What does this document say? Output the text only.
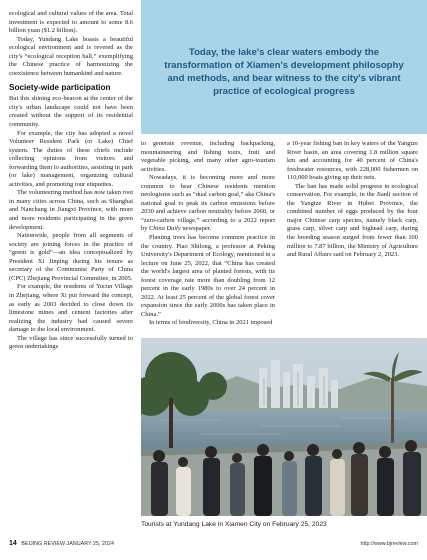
ecological and cultural values of the area. Total investment is expected to amount to some 8.6 billion yuan ($1.2 billion).

Today, Yundang Lake boasts a beautiful ecological environment and is revered as the city's “ecological reception hall,” exemplifying the Chinese practice of harmonizing the coexistence between humankind and nature.

Society-wide participation

But this shining eco-beacon at the center of the city's urban landscape could not have been created without the support of its residential community.

For example, the city has adopted a novel Volunteer Resident Park (or Lake) Chief system. The duties of these chiefs include collecting opinions from visitors and forwarding them to authorities, assisting in park (or lake) management, organizing cultural activities, and promoting tour etiquettes.

The volunteering method has now taken root in many cities across China, such as Shanghai and Nanchang in Jiangxi Province, with more and more residents participating in the green development.

Nationwide, people from all segments of society are joining forces in the practice of “green is gold”—an idea conceptualized by President Xi Jinping during his tenure as secretary of the Communist Party of China (CPC) Zhejiang Provincial Committee, in 2005.

For example, the residents of Yucun Village in Zhejiang, where Xi put forward the concept, as early as 2003 decided to close down its limestone mines and cement factories after realizing the industry had caused severe damage to the local environment.

The village has since successfully turned to green undertakings

Today, the lake's clear waters embody the transformation of Xiamen's development philosophy and methods, and bear witness to the city's vibrant practice of ecological progress

to generate revenue, including backpacking, mountaineering and fishing tours, fruit and vegetable picking, and many other agro-tourism activities.

Nowadays, it is becoming more and more common to hear Chinese residents mention neologisms such as “dual carbon goal,” aka China's national goal to peak its carbon emissions before 2030 and achieve carbon neutrality before 2060, or “zero-carbon village,” according to a 2022 report by China Daily newspaper.

Planting trees has become common practice in the country. Piao Shilong, a professor at Peking University's Department of Ecology, mentioned in a lecture on June 25, 2022, that “China has created the world's largest area of planted forests, with its forest coverage rate more than doubling from 12 percent in the early 1980s to over 24 percent in 2022. At least 25 percent of the global forest cover expansion since the early 2000s has taken place in China.”

In terms of biodiversity, China in 2021 imposed

a 10-year fishing ban in key waters of the Yangtze River basin, an area covering 1.8 million square km and accounting for 40 percent of China's freshwater resources, with 228,000 fishermen on 110,000 boats giving up their nets.

The ban has made solid progress in ecological conservation. For example, in the Jianli section of the Yangtze River in Hubei Province, the combined number of eggs produced by the four major Chinese carp species, namely black carp, grass carp, silver carp and bighead carp, during the breeding season surged from fewer than 100 million to 7.87 billion, the Ministry of Agriculture and Rural Affairs said on February 2, 2023.

Tourists at Yundang Lake in Xiamen City on February 25, 2023
14 BEIJING REVIEW JANUARY 25, 2024	http://www.bjreview.com
